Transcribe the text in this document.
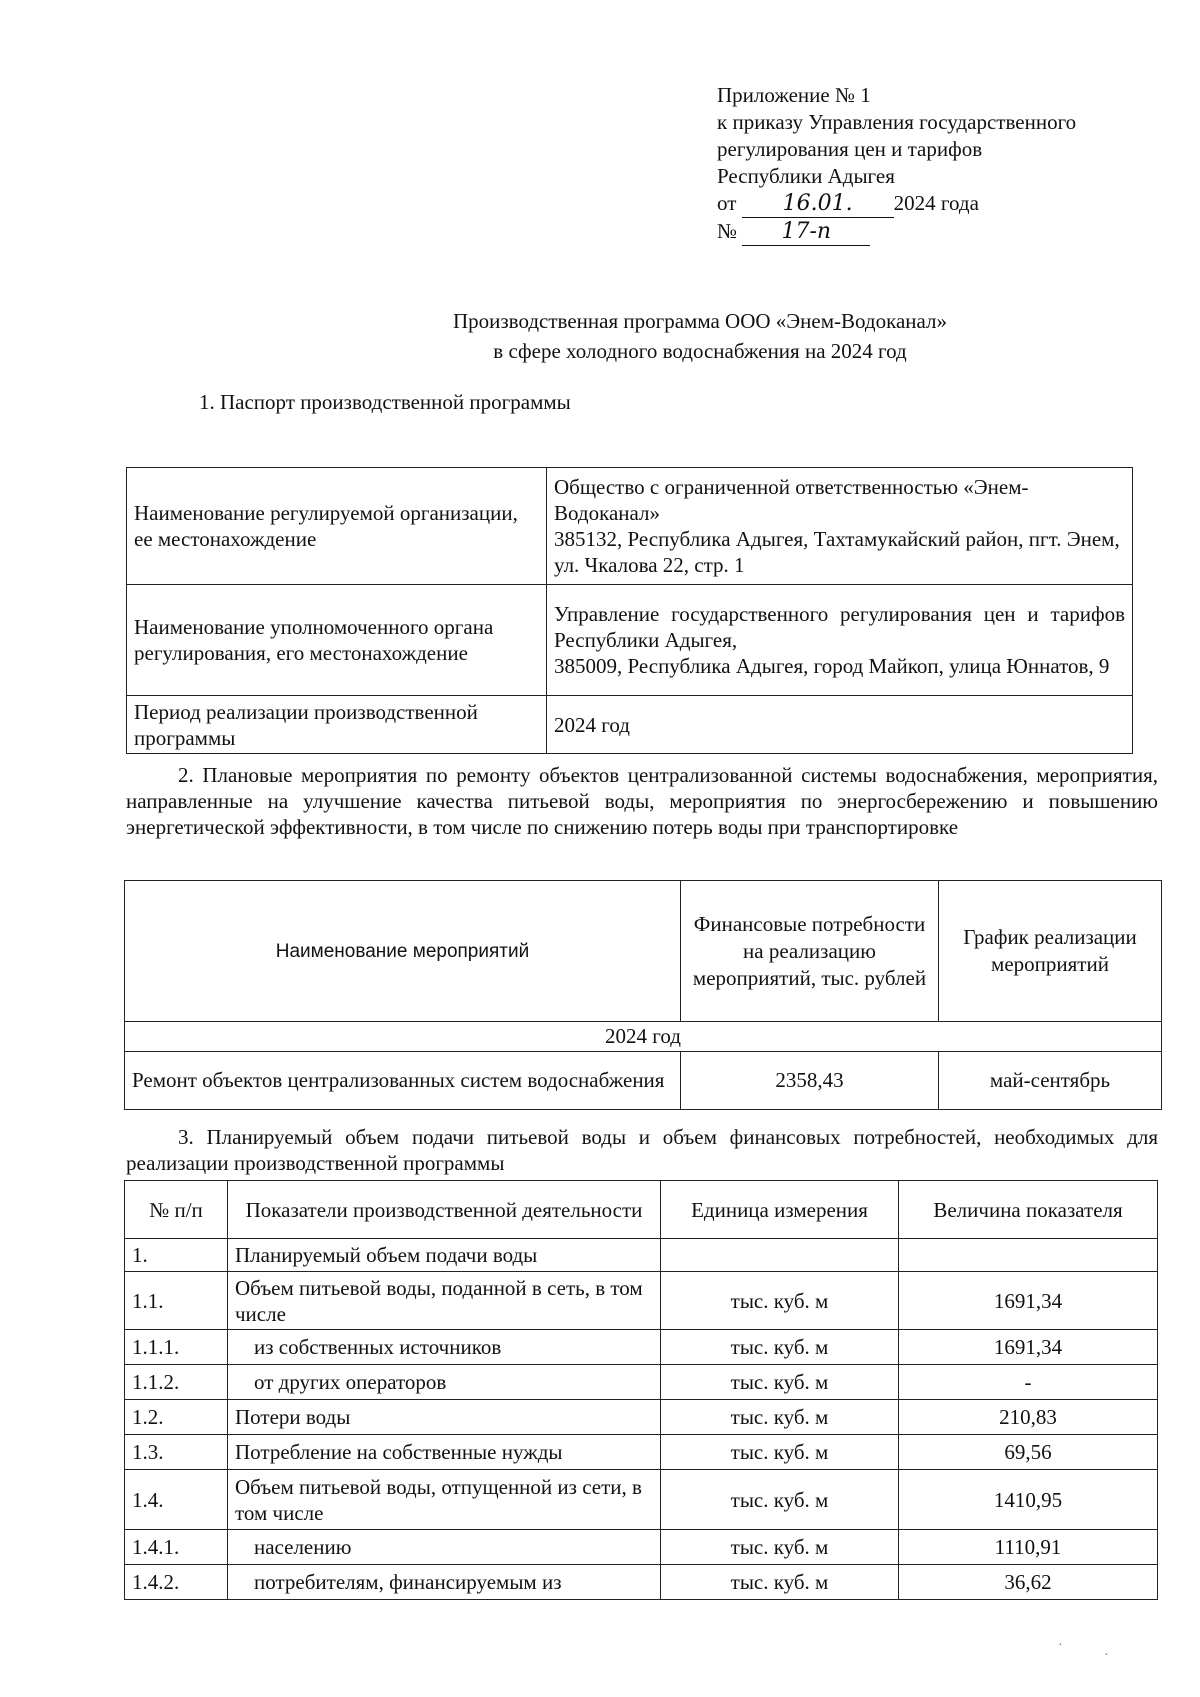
Приложение № 1
к приказу Управления государственного
регулирования цен и тарифов
Республики Адыгея
от 16.01. 2024 года
№ 17-п
Производственная программа ООО «Энем-Водоканал»
в сфере холодного водоснабжения на 2024 год
1. Паспорт производственной программы
Наименование регулируемой организации, ее местонахождение	Общество с ограниченной ответственностью «Энем-Водоканал»
385132, Республика Адыгея, Тахтамукайский район, пгт. Энем, ул. Чкалова 22, стр. 1

Наименование уполномоченного органа регулирования, его местонахождение	Управление государственного регулирования цен и тарифов Республики Адыгея,
385009, Республика Адыгея, город Майкоп, улица Юннатов, 9

Период реализации производственной программы	2024 год
2. Плановые мероприятия по ремонту объектов централизованной системы водоснабжения, мероприятия, направленные на улучшение качества питьевой воды, мероприятия по энергосбережению и повышению энергетической эффективности, в том числе по снижению потерь воды при транспортировке
Наименование мероприятий	Финансовые потребности на реализацию мероприятий, тыс. рублей	График реализации мероприятий
2024 год		
Ремонт объектов централизованных систем водоснабжения	2358,43	май-сентябрь
3. Планируемый объем подачи питьевой воды и объем финансовых потребностей, необходимых для реализации производственной программы
№ п/п	Показатели производственной деятельности	Единица измерения	Величина показателя
1.	Планируемый объем подачи воды		
1.1.	Объем питьевой воды, поданной в сеть, в том числе	тыс. куб. м	1691,34
1.1.1.	из собственных источников	тыс. куб. м	1691,34
1.1.2.	от других операторов	тыс. куб. м	-
1.2.	Потери воды	тыс. куб. м	210,83
1.3.	Потребление на собственные нужды	тыс. куб. м	69,56
1.4.	Объем питьевой воды, отпущенной из сети, в том числе	тыс. куб. м	1410,95
1.4.1.	населению	тыс. куб. м	1110,91
1.4.2.	потребителям, финансируемым из	тыс. куб. м	36,62
·
·
